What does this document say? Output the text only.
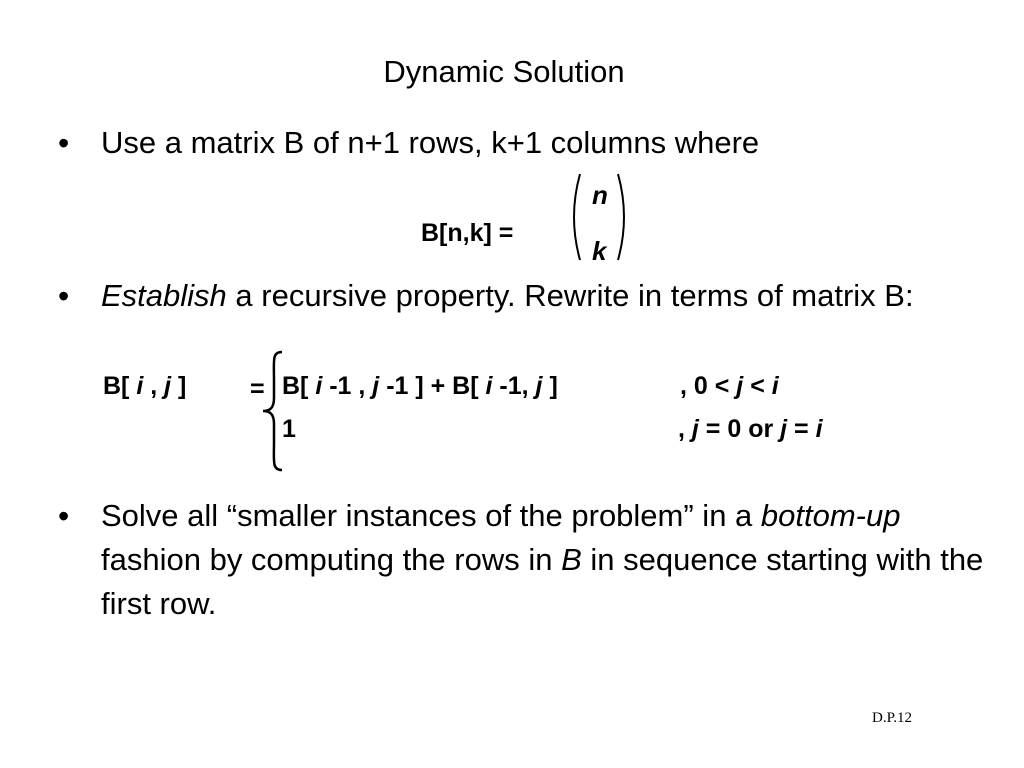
Dynamic Solution
• Use a matrix B of n+1 rows, k+1 columns where
B[n,k] =
n
k
• Establish a recursive property. Rewrite in terms of matrix B:
B[ i , j ]	= B[ i -1 , j -1 ] + B[ i -1, j ]	, 0 < j < i
1	, j = 0 or j = i
• Solve all “smaller instances of the problem” in a bottom-up fashion by computing the rows in B in sequence starting with the first row.
D.P.12
